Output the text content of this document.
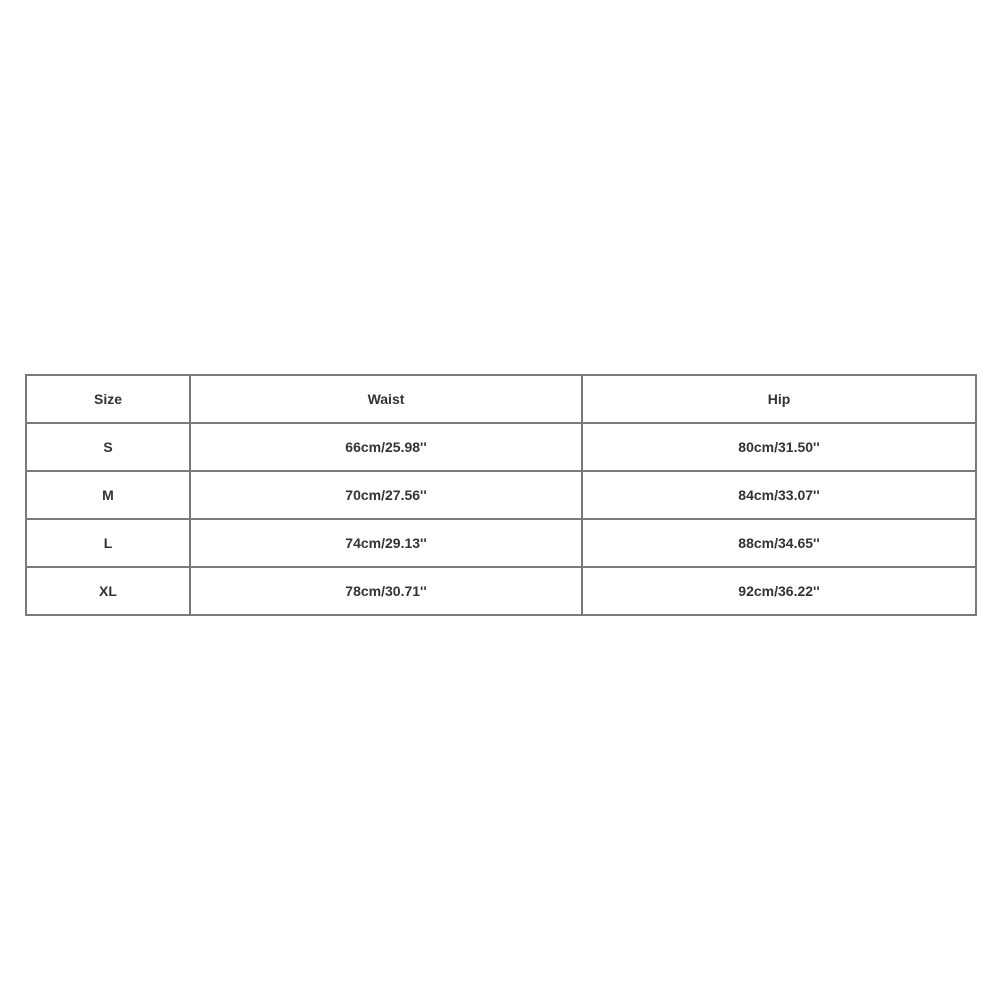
Size	Waist	Hip
S	66cm/25.98''	80cm/31.50''
M	70cm/27.56''	84cm/33.07''
L	74cm/29.13''	88cm/34.65''
XL	78cm/30.71''	92cm/36.22''
